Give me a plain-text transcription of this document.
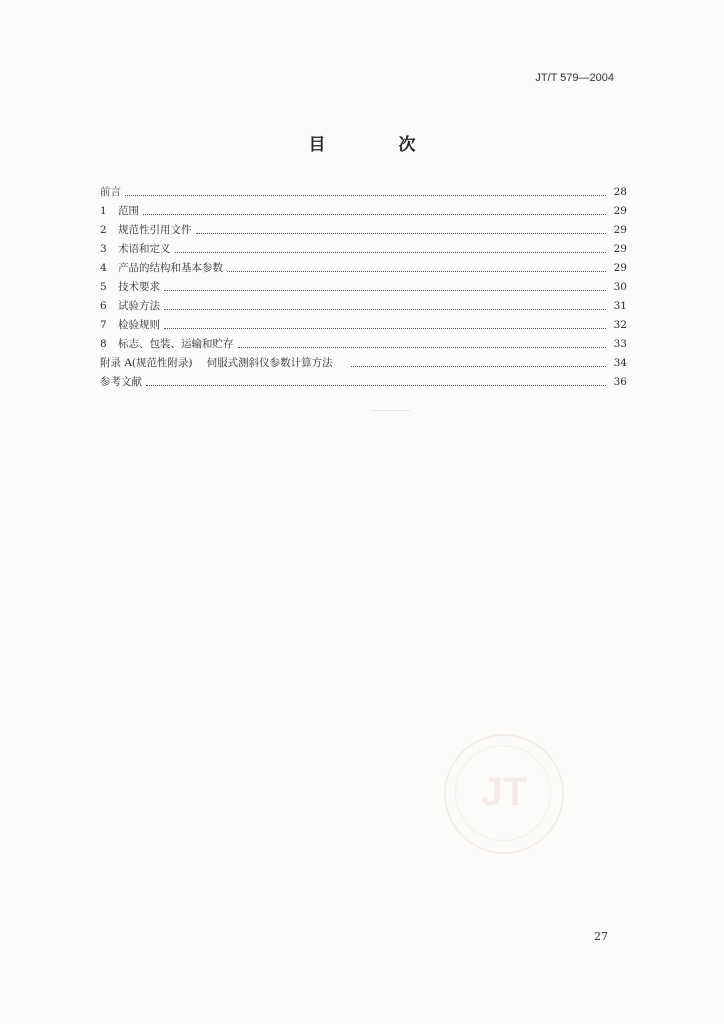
JT/T 579—2004
目　次
前言	28
1	范围	29
2	规范性引用文件	29
3	术语和定义	29
4	产品的结构和基本参数	29
5	技术要求	30
6	试验方法	31
7	检验规则	32
8	标志、包装、运输和贮存	33
附录 A(规范性附录) 伺服式测斜仪参数计算方法	34
参考文献	36
JT
27
